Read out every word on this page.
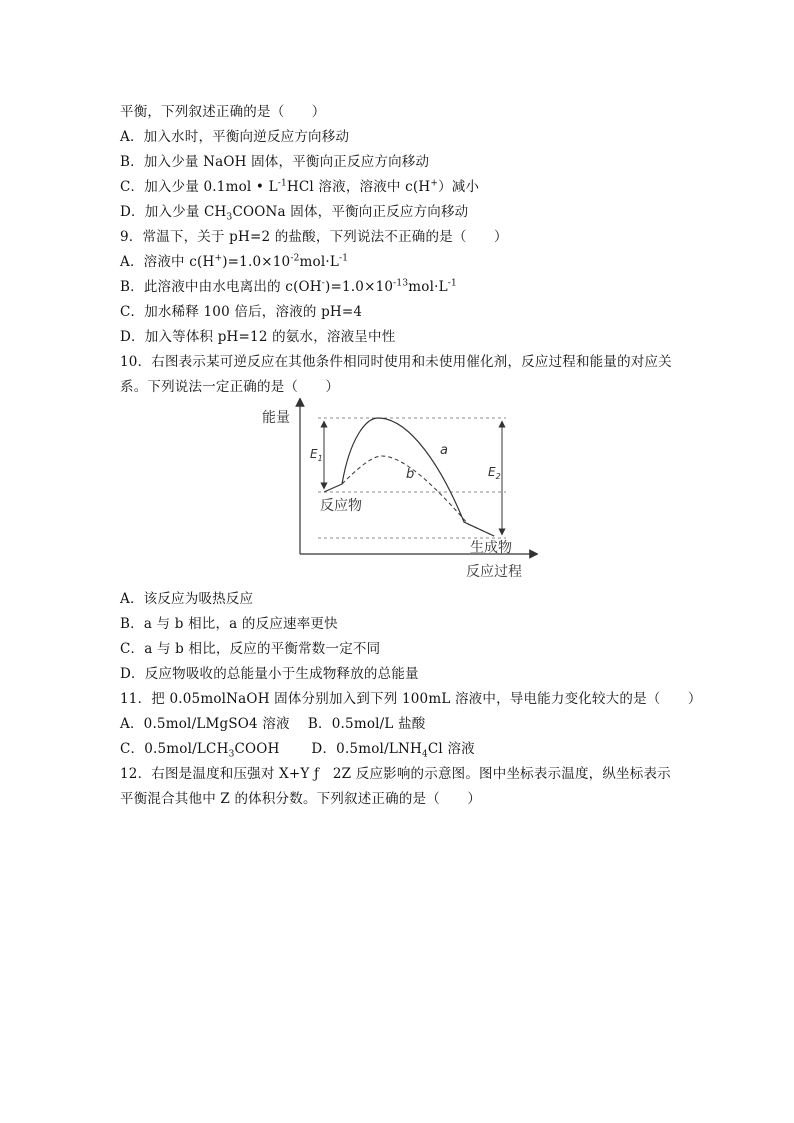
平衡，下列叙述正确的是（　　）
A．加入水时，平衡向逆反应方向移动
B．加入少量 NaOH 固体，平衡向正反应方向移动
C．加入少量 0.1mol • $L^{-1}HCl$ 溶液，溶液中 c(H+）减小
D．加入少量 $CH_3COONa$ 固体，平衡向正反应方向移动
9．常温下，关于 pH=2 的盐酸，下列说法不正确的是（　　）
A．溶液中 $c(H^+)=1.0\times 10^{-2}mol\cdot L^{-1}$
B．此溶液中由水电离出的 $c(OH^-)=1.0\times 10^{-13}mol\cdot L^{-1}$
C．加水稀释 100 倍后，溶液的 pH=4
D．加入等体积 pH=12 的氨水，溶液呈中性
10．右图表示某可逆反应在其他条件相同时使用和未使用催化剂，反应过程和能量的对应关
系。下列说法一定正确的是（　　）
A．该反应为吸热反应
B．a 与 b 相比，a 的反应速率更快
C．a 与 b 相比，反应的平衡常数一定不同
D．反应物吸收的总能量小于生成物释放的总能量
11．把 0.05molNaOH 固体分别加入到下列 100mL 溶液中，导电能力变化较大的是（　　）
A．0.5mol/LMgSO4 溶液　 B．0.5mol/L 盐酸
C．$0.5mol/LCH_3COOH$　　 D．$0.5mol/LNH_4Cl$ 溶液
12．右图是温度和压强对 X+Y ƒ　2Z 反应影响的示意图。图中坐标表示温度，纵坐标表示
平衡混合其他中 Z 的体积分数。下列叙述正确的是（　　）
能量
反应过程
反应物
生成物
a
b
$E_1$
$E_2$
